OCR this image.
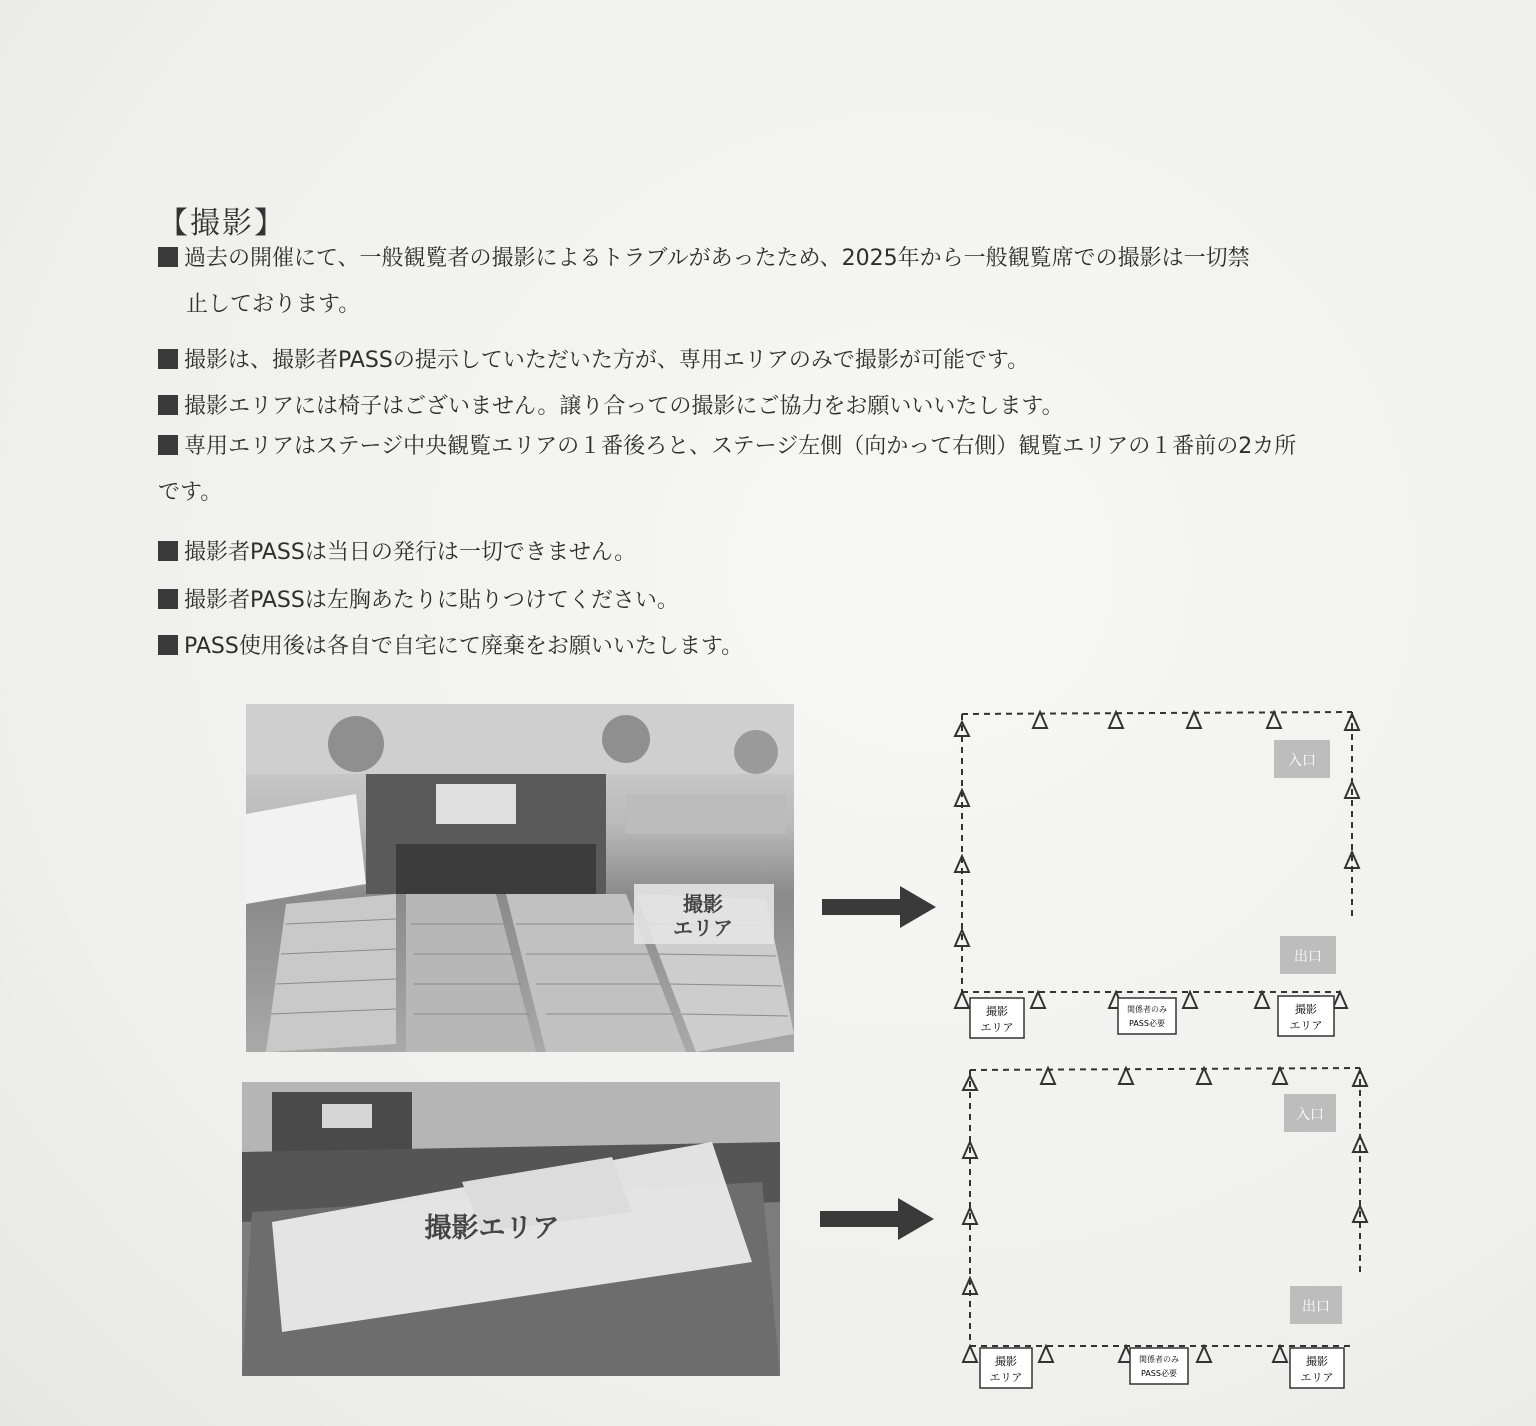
【撮影】
過去の開催にて、一般観覧者の撮影によるトラブルがあったため、2025年から一般観覧席での撮影は一切禁
止しております。
撮影は、撮影者PASSの提示していただいた方が、専用エリアのみで撮影が可能です。
撮影エリアには椅子はございません。譲り合っての撮影にご協力をお願いいいたします。
専用エリアはステージ中央観覧エリアの１番後ろと、ステージ左側（向かって右側）観覧エリアの１番前の2カ所
です。
撮影者PASSは当日の発行は一切できません。
撮影者PASSは左胸あたりに貼りつけてください。
PASS使用後は各自で自宅にて廃棄をお願いいたします。
撮影
エリア
撮影エリア
入口
出口
撮影
エリア
関係者のみ
PASS必要
撮影
エリア
入口
出口
撮影
エリア
関係者のみ
PASS必要
撮影
エリア
